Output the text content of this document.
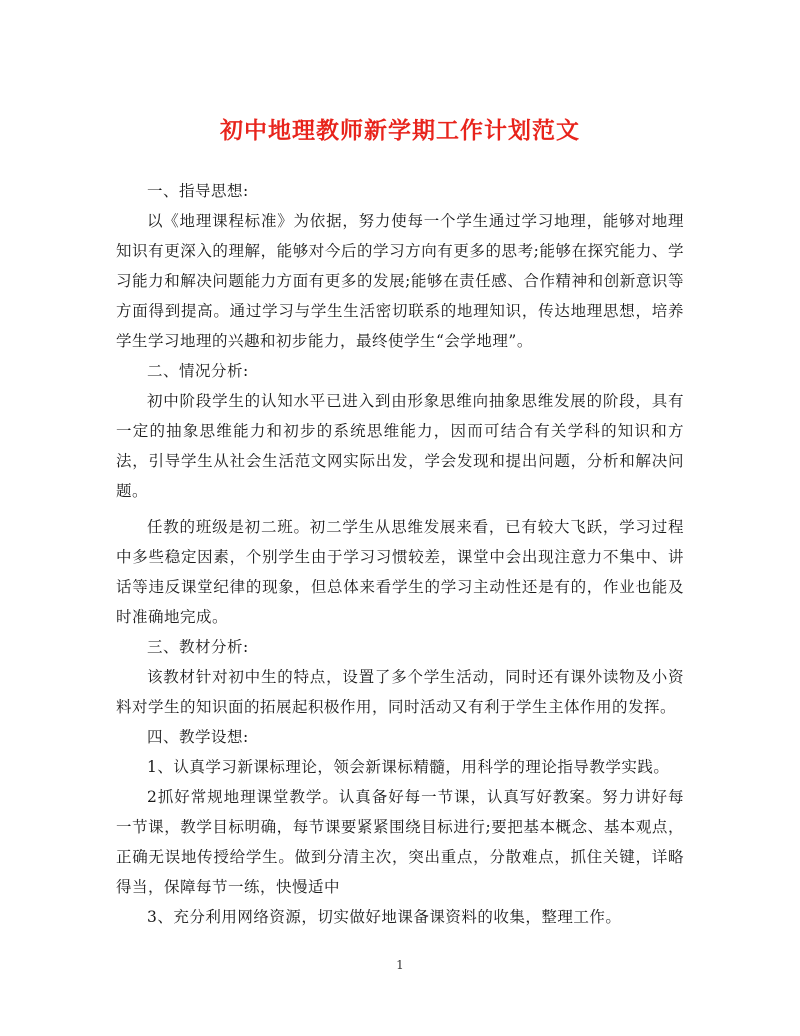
初中地理教师新学期工作计划范文

一、指导思想:

以《地理课程标准》为依据，努力使每一个学生通过学习地理，能够对地理知识有更深入的理解，能够对今后的学习方向有更多的思考;能够在探究能力、学习能力和解决问题能力方面有更多的发展;能够在责任感、合作精神和创新意识等方面得到提高。通过学习与学生生活密切联系的地理知识，传达地理思想，培养学生学习地理的兴趣和初步能力，最终使学生“会学地理”。

二、情况分析:

初中阶段学生的认知水平已进入到由形象思维向抽象思维发展的阶段，具有一定的抽象思维能力和初步的系统思维能力，因而可结合有关学科的知识和方法，引导学生从社会生活范文网实际出发，学会发现和提出问题，分析和解决问题。

任教的班级是初二班。初二学生从思维发展来看，已有较大飞跃，学习过程中多些稳定因素，个别学生由于学习习惯较差，课堂中会出现注意力不集中、讲话等违反课堂纪律的现象，但总体来看学生的学习主动性还是有的，作业也能及时准确地完成。

三、教材分析:

该教材针对初中生的特点，设置了多个学生活动，同时还有课外读物及小资料对学生的知识面的拓展起积极作用，同时活动又有利于学生主体作用的发挥。

四、教学设想:

1、认真学习新课标理论，领会新课标精髓，用科学的理论指导教学实践。

2抓好常规地理课堂教学。认真备好每一节课，认真写好教案。努力讲好每一节课，教学目标明确，每节课要紧紧围绕目标进行;要把基本概念、基本观点，正确无误地传授给学生。做到分清主次，突出重点，分散难点，抓住关键，详略得当，保障每节一练，快慢适中

3、充分利用网络资源，切实做好地课备课资料的收集，整理工作。

1
